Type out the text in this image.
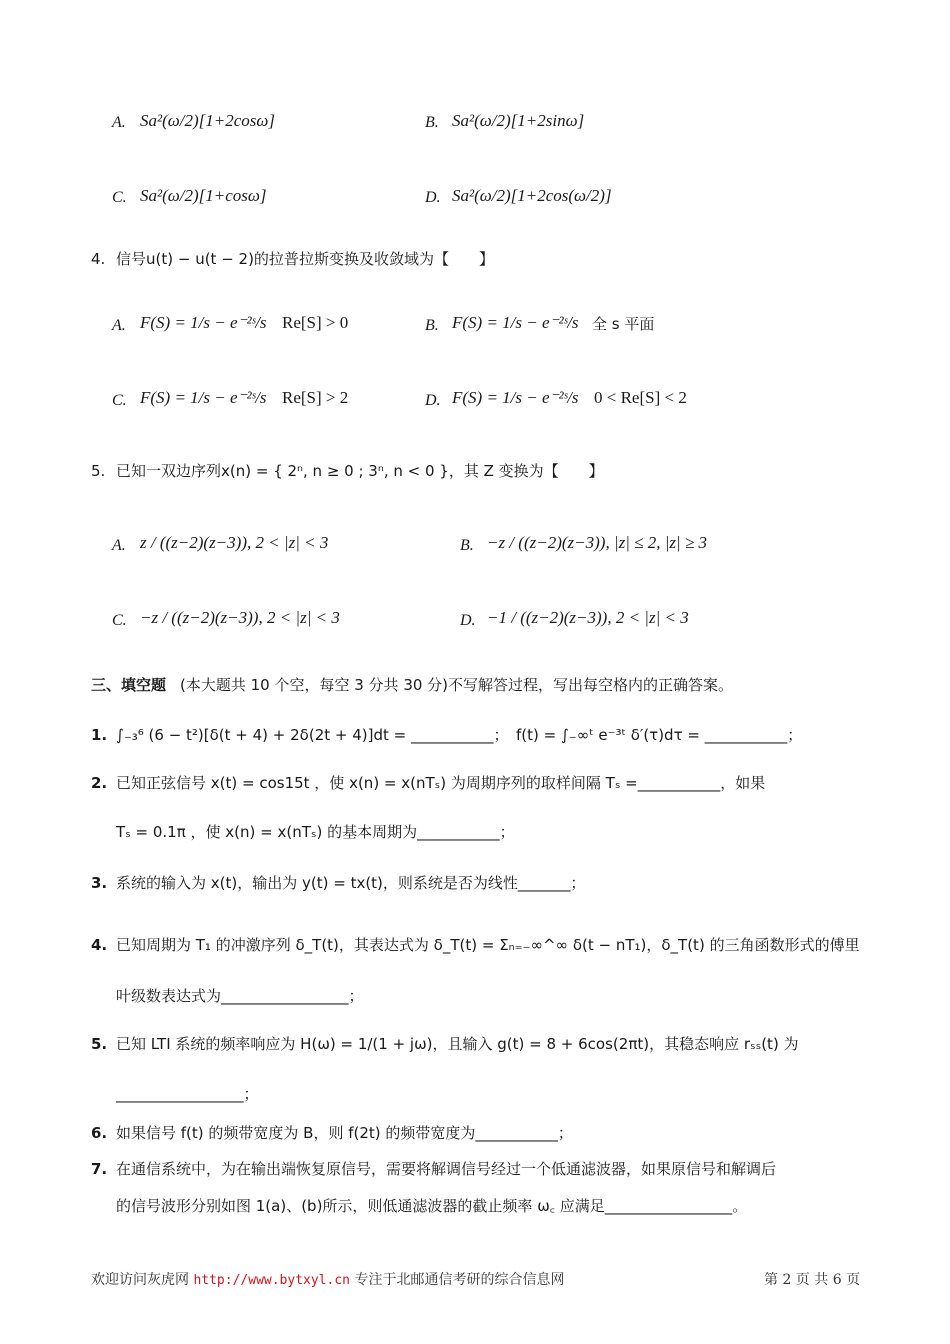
A. Sa²(ω/2)[1+2cosω]	B. Sa²(ω/2)[1+2sinω]
C. Sa²(ω/2)[1+cosω]	D. Sa²(ω/2)[1+2cos(ω/2)]
4. 信号u(t) − u(t − 2)的拉普拉斯变换及收敛域为【　　】
A. F(S) = 1/s − e⁻²ˢ/s Re[S] > 0	B. F(S) = 1/s − e⁻²ˢ/s 全 s 平面
C. F(S) = 1/s − e⁻²ˢ/s Re[S] > 2	D. F(S) = 1/s − e⁻²ˢ/s 0 < Re[S] < 2
5. 已知一双边序列x(n) = { 2ⁿ, n ≥ 0 ; 3ⁿ, n < 0 }，其 Z 变换为【　　】
A. z / ((z−2)(z−3)), 2 < |z| < 3	B. −z / ((z−2)(z−3)), |z| ≤ 2, |z| ≥ 3
C. −z / ((z−2)(z−3)), 2 < |z| < 3	D. −1 / ((z−2)(z−3)), 2 < |z| < 3
三、填空题 (本大题共 10 个空，每空 3 分共 30 分)不写解答过程，写出每空格内的正确答案。
1. ∫₋₃⁶ (6 − t²)[δ(t + 4) + 2δ(2t + 4)]dt = ___________；　f(t) = ∫₋∞ᵗ e⁻³ᵗ δ′(τ)dτ = ___________；
2. 已知正弦信号 x(t) = cos15t ，使 x(n) = x(nTₛ) 为周期序列的取样间隔 Tₛ =___________，如果
Tₛ = 0.1π ，使 x(n) = x(nTₛ) 的基本周期为___________；
3. 系统的输入为 x(t)，输出为 y(t) = tx(t)，则系统是否为线性_______；
4. 已知周期为 T₁ 的冲激序列 δ_T(t)，其表达式为 δ_T(t) = Σₙ₌₋∞^∞ δ(t − nT₁)，δ_T(t) 的三角函数形式的傅里
叶级数表达式为_________________；
5. 已知 LTI 系统的频率响应为 H(ω) = 1/(1 + jω)，且输入 g(t) = 8 + 6cos(2πt)，其稳态响应 rₛₛ(t) 为
_________________；
6. 如果信号 f(t) 的频带宽度为 B，则 f(2t) 的频带宽度为___________；
7. 在通信系统中，为在输出端恢复原信号，需要将解调信号经过一个低通滤波器，如果原信号和解调后
的信号波形分别如图 1(a)、(b)所示，则低通滤波器的截止频率 ω꜀ 应满足_________________。
欢迎访问灰虎网 http://www.bytxyl.cn 专注于北邮通信考研的综合信息网	第 2 页 共 6 页
